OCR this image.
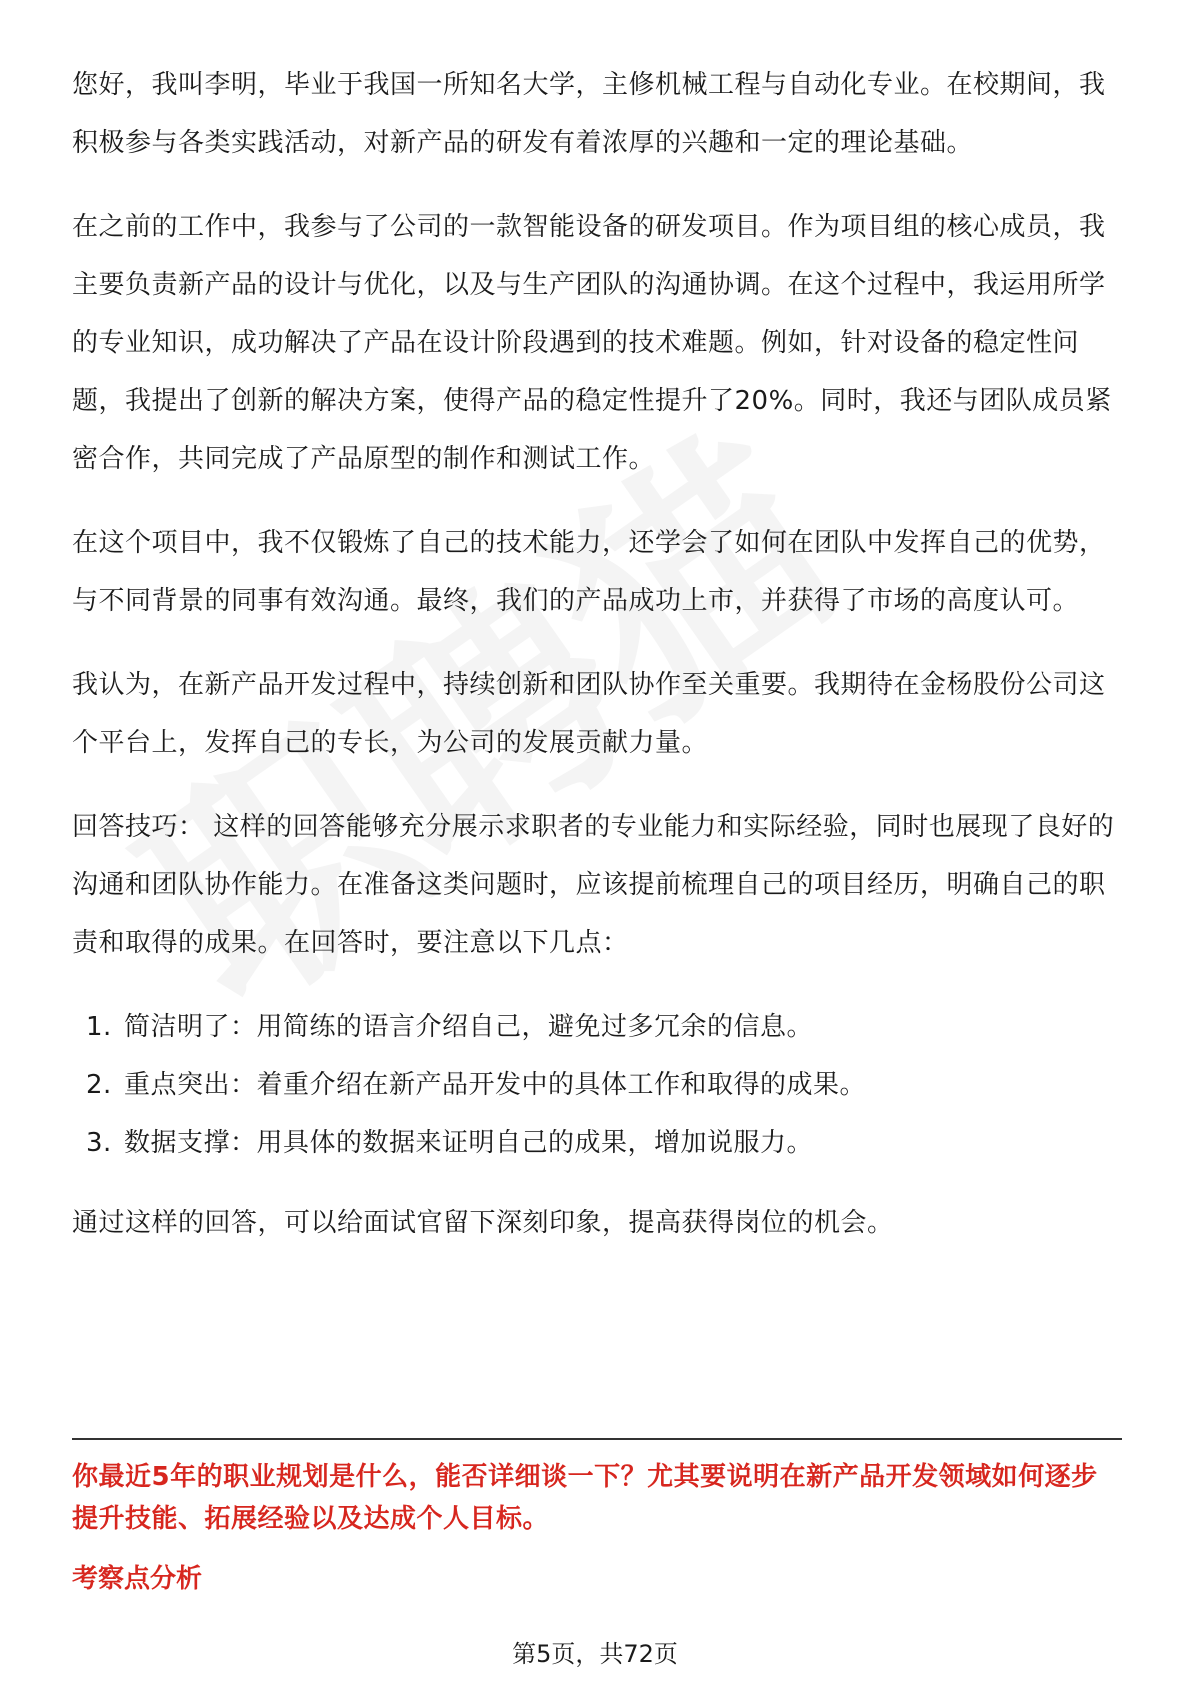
您好，我叫李明，毕业于我国一所知名大学，主修机械工程与自动化专业。在校期间，我积极参与各类实践活动，对新产品的研发有着浓厚的兴趣和一定的理论基础。

在之前的工作中，我参与了公司的一款智能设备的研发项目。作为项目组的核心成员，我主要负责新产品的设计与优化，以及与生产团队的沟通协调。在这个过程中，我运用所学的专业知识，成功解决了产品在设计阶段遇到的技术难题。例如，针对设备的稳定性问题，我提出了创新的解决方案，使得产品的稳定性提升了20%。同时，我还与团队成员紧密合作，共同完成了产品原型的制作和测试工作。

在这个项目中，我不仅锻炼了自己的技术能力，还学会了如何在团队中发挥自己的优势，与不同背景的同事有效沟通。最终，我们的产品成功上市，并获得了市场的高度认可。

我认为，在新产品开发过程中，持续创新和团队协作至关重要。我期待在金杨股份公司这个平台上，发挥自己的专长，为公司的发展贡献力量。

回答技巧： 这样的回答能够充分展示求职者的专业能力和实际经验，同时也展现了良好的沟通和团队协作能力。在准备这类问题时，应该提前梳理自己的项目经历，明确自己的职责和取得的成果。在回答时，要注意以下几点：

1. 简洁明了：用简练的语言介绍自己，避免过多冗余的信息。
2. 重点突出：着重介绍在新产品开发中的具体工作和取得的成果。
3. 数据支撑：用具体的数据来证明自己的成果，增加说服力。

通过这样的回答，可以给面试官留下深刻印象，提高获得岗位的机会。

你最近5年的职业规划是什么，能否详细谈一下？尤其要说明在新产品开发领域如何逐步提升技能、拓展经验以及达成个人目标。
考察点分析
第5页，共72页
